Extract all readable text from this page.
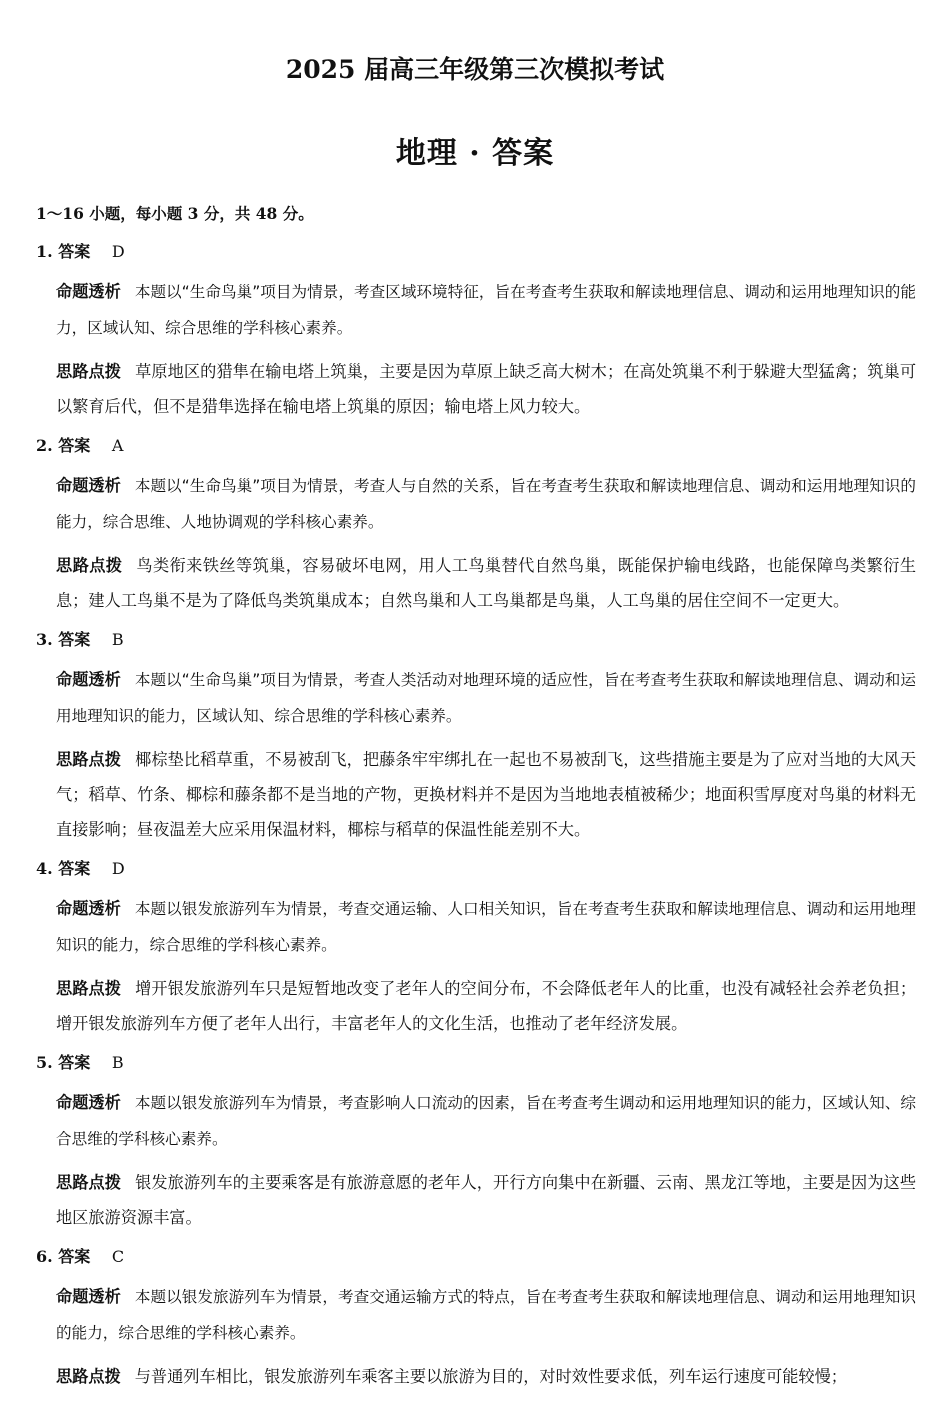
2025 届高三年级第三次模拟考试
地理 · 答案

1～16 小题，每小题 3 分，共 48 分。

1. 答案 D

命题透析 本题以“生命鸟巢”项目为情景，考查区域环境特征，旨在考查考生获取和解读地理信息、调动和运用地理知识的能力，区域认知、综合思维的学科核心素养。

思路点拨 草原地区的猎隼在输电塔上筑巢，主要是因为草原上缺乏高大树木；在高处筑巢不利于躲避大型猛禽；筑巢可以繁育后代，但不是猎隼选择在输电塔上筑巢的原因；输电塔上风力较大。

2. 答案 A

命题透析 本题以“生命鸟巢”项目为情景，考查人与自然的关系，旨在考查考生获取和解读地理信息、调动和运用地理知识的能力，综合思维、人地协调观的学科核心素养。

思路点拨 鸟类衔来铁丝等筑巢，容易破坏电网，用人工鸟巢替代自然鸟巢，既能保护输电线路，也能保障鸟类繁衍生息；建人工鸟巢不是为了降低鸟类筑巢成本；自然鸟巢和人工鸟巢都是鸟巢，人工鸟巢的居住空间不一定更大。

3. 答案 B

命题透析 本题以“生命鸟巢”项目为情景，考查人类活动对地理环境的适应性，旨在考查考生获取和解读地理信息、调动和运用地理知识的能力，区域认知、综合思维的学科核心素养。

思路点拨 椰棕垫比稻草重，不易被刮飞，把藤条牢牢绑扎在一起也不易被刮飞，这些措施主要是为了应对当地的大风天气；稻草、竹条、椰棕和藤条都不是当地的产物，更换材料并不是因为当地地表植被稀少；地面积雪厚度对鸟巢的材料无直接影响；昼夜温差大应采用保温材料，椰棕与稻草的保温性能差别不大。

4. 答案 D

命题透析 本题以银发旅游列车为情景，考查交通运输、人口相关知识，旨在考查考生获取和解读地理信息、调动和运用地理知识的能力，综合思维的学科核心素养。

思路点拨 增开银发旅游列车只是短暂地改变了老年人的空间分布，不会降低老年人的比重，也没有减轻社会养老负担；增开银发旅游列车方便了老年人出行，丰富老年人的文化生活，也推动了老年经济发展。

5. 答案 B

命题透析 本题以银发旅游列车为情景，考查影响人口流动的因素，旨在考查考生调动和运用地理知识的能力，区域认知、综合思维的学科核心素养。

思路点拨 银发旅游列车的主要乘客是有旅游意愿的老年人，开行方向集中在新疆、云南、黑龙江等地，主要是因为这些地区旅游资源丰富。

6. 答案 C

命题透析 本题以银发旅游列车为情景，考查交通运输方式的特点，旨在考查考生获取和解读地理信息、调动和运用地理知识的能力，综合思维的学科核心素养。

思路点拨 与普通列车相比，银发旅游列车乘客主要以旅游为目的，对时效性要求低，列车运行速度可能较慢；
